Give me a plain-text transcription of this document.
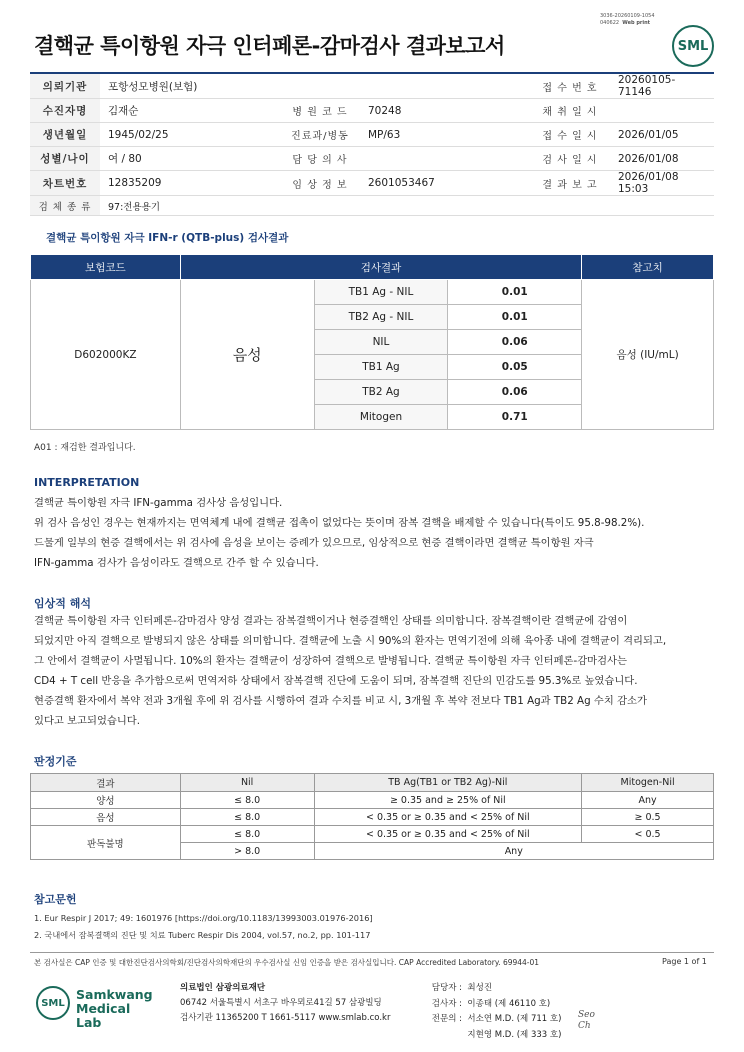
3036-20260109-1054
040622 Web print
결핵균 특이항원 자극 인터페론-감마검사 결과보고서	SML
의뢰기관	포항성모병원(보험)			접 수 번 호	20260105-71146
수진자명	김재순	병 원 코 드	70248	채 취 일 시	
생년월일	1945/02/25	진료과/병동	MP/63	접 수 일 시	2026/01/05
성별/나이	여 / 80	담 당 의 사		검 사 일 시	2026/01/08
차트번호	12835209	임 상 정 보	2601053467	결 과 보 고	2026/01/08 15:03
검 체 종 류	97:전용용기				
결핵균 특이항원 자극 IFN-r (QTB-plus) 검사결과
보험코드	검사결과			참고치
D602000KZ	음성	TB1 Ag - NIL	0.01	음성 (IU/mL)
		TB2 Ag - NIL	0.01	
		NIL	0.06	
		TB1 Ag	0.05	
		TB2 Ag	0.06	
		Mitogen	0.71	
A01 : 재검한 결과입니다.
INTERPRETATION
결핵균 특이항원 자극 IFN-gamma 검사상 음성입니다.
위 검사 음성인 경우는 현재까지는 면역체계 내에 결핵균 접촉이 없었다는 뜻이며 잠복 결핵을 배제할 수 있습니다(특이도 95.8-98.2%).
드물게 일부의 현증 결핵에서는 위 검사에 음성을 보이는 증례가 있으므로, 임상적으로 현증 결핵이라면 결핵균 특이항원 자극
IFN-gamma 검사가 음성이라도 결핵으로 간주 할 수 있습니다.
임상적 해석
결핵균 특이항원 자극 인터페론-감마검사 양성 결과는 잠복결핵이거나 현증결핵인 상태를 의미합니다. 잠복결핵이란 결핵균에 감염이
되었지만 아직 결핵으로 발병되지 않은 상태를 의미합니다. 결핵균에 노출 시 90%의 환자는 면역기전에 의해 육아종 내에 결핵균이 격리되고,
그 안에서 결핵균이 사멸됩니다. 10%의 환자는 결핵균이 성장하여 결핵으로 발병됩니다. 결핵균 특이항원 자극 인터페론-감마검사는
CD4 + T cell 반응을 추가함으로써 면역저하 상태에서 잠복결핵 진단에 도움이 되며, 잠복결핵 진단의 민감도를 95.3%로 높였습니다.
현증결핵 환자에서 복약 전과 3개월 후에 위 검사를 시행하여 결과 수치를 비교 시, 3개월 후 복약 전보다 TB1 Ag과 TB2 Ag 수치 감소가
있다고 보고되었습니다.
판정기준
결과	Nil	TB Ag(TB1 or TB2 Ag)-Nil	Mitogen-Nil
양성	≤ 8.0	≥ 0.35 and ≥ 25% of Nil	Any
음성	≤ 8.0	< 0.35 or ≥ 0.35 and < 25% of Nil	≥ 0.5
판독불명	≤ 8.0	< 0.35 or ≥ 0.35 and < 25% of Nil	< 0.5
	> 8.0	Any	
참고문헌
1. Eur Respir J 2017; 49: 1601976 [https://doi.org/10.1183/13993003.01976-2016]
2. 국내에서 잠복결핵의 진단 및 치료 Tuberc Respir Dis 2004, vol.57, no.2, pp. 101-117
본 검사실은 CAP 인증 및 대한진단검사의학회/진단검사의학재단의 우수검사실 신임 인증을 받은 검사실입니다. CAP Accredited Laboratory. 69944-01	Page 1 of 1
SML
Samkwang
Medical Lab
의료법인 삼광의료재단
06742 서울특별시 서초구 바우뫼로41길 57 삼광빌딩
검사기관 11365200 T 1661-5117 www.smlab.co.kr
담당자 : 최성진
검사자 : 이종태 (제 46110 호)
전문의 : 서소연 M.D. (제 711 호)
지현영 M.D. (제 333 호)
Seo
Ch
